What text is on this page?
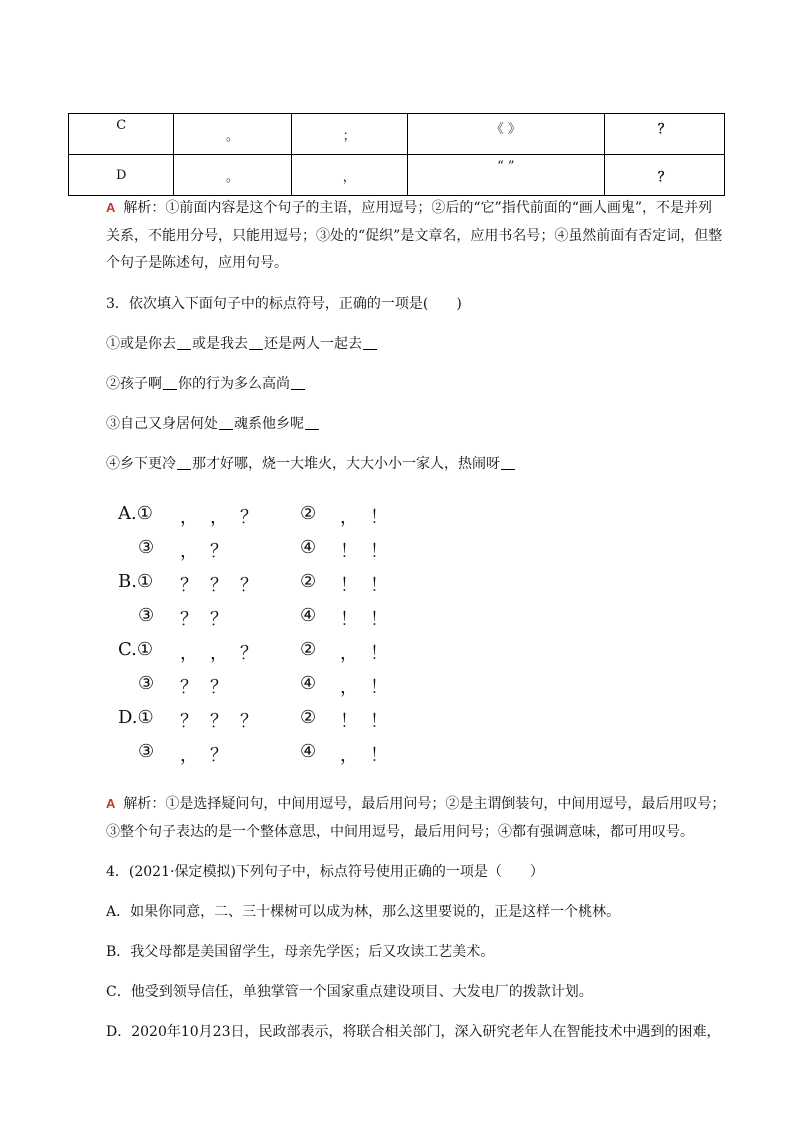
C	。	；	《 》	？
D	。	，	“ ”	？
A 解析：①前面内容是这个句子的主语，应用逗号；②后的“它”指代前面的“画人画鬼”，不是并列关系，不能用分号，只能用逗号；③处的“促织”是文章名，应用书名号；④虽然前面有否定词，但整个句子是陈述句，应用句号。
3．依次填入下面句子中的标点符号，正确的一项是(　　)
①或是你去 或是我去 还是两人一起去
②孩子啊 你的行为多么高尚
③自己又身居何处 魂系他乡呢
④乡下更冷 那才好哪，烧一大堆火，大大小小一家人，热闹呀
A.① ， ， ？ ② ， ！
③ ， ？	④ ！ ！
B.① ？ ？ ？ ② ！ ！
③ ？ ？	④ ！ ！
C.① ， ， ？ ② ， ！
③ ？ ？	④ ， ！
D.① ？ ？ ？ ② ！ ！
③ ， ？	④ ， ！
A 解析：①是选择疑问句，中间用逗号，最后用问号；②是主谓倒装句，中间用逗号，最后用叹号；③整个句子表达的是一个整体意思，中间用逗号，最后用问号；④都有强调意味，都可用叹号。
4．(2021·保定模拟)下列句子中，标点符号使用正确的一项是（　　）
A．如果你同意，二、三十棵树可以成为林，那么这里要说的，正是这样一个桃林。
B．我父母都是美国留学生，母亲先学医；后又攻读工艺美术。
C．他受到领导信任，单独掌管一个国家重点建设项目、大发电厂的拨款计划。
D．2020年10月23日，民政部表示，将联合相关部门，深入研究老年人在智能技术中遇到的困难，
